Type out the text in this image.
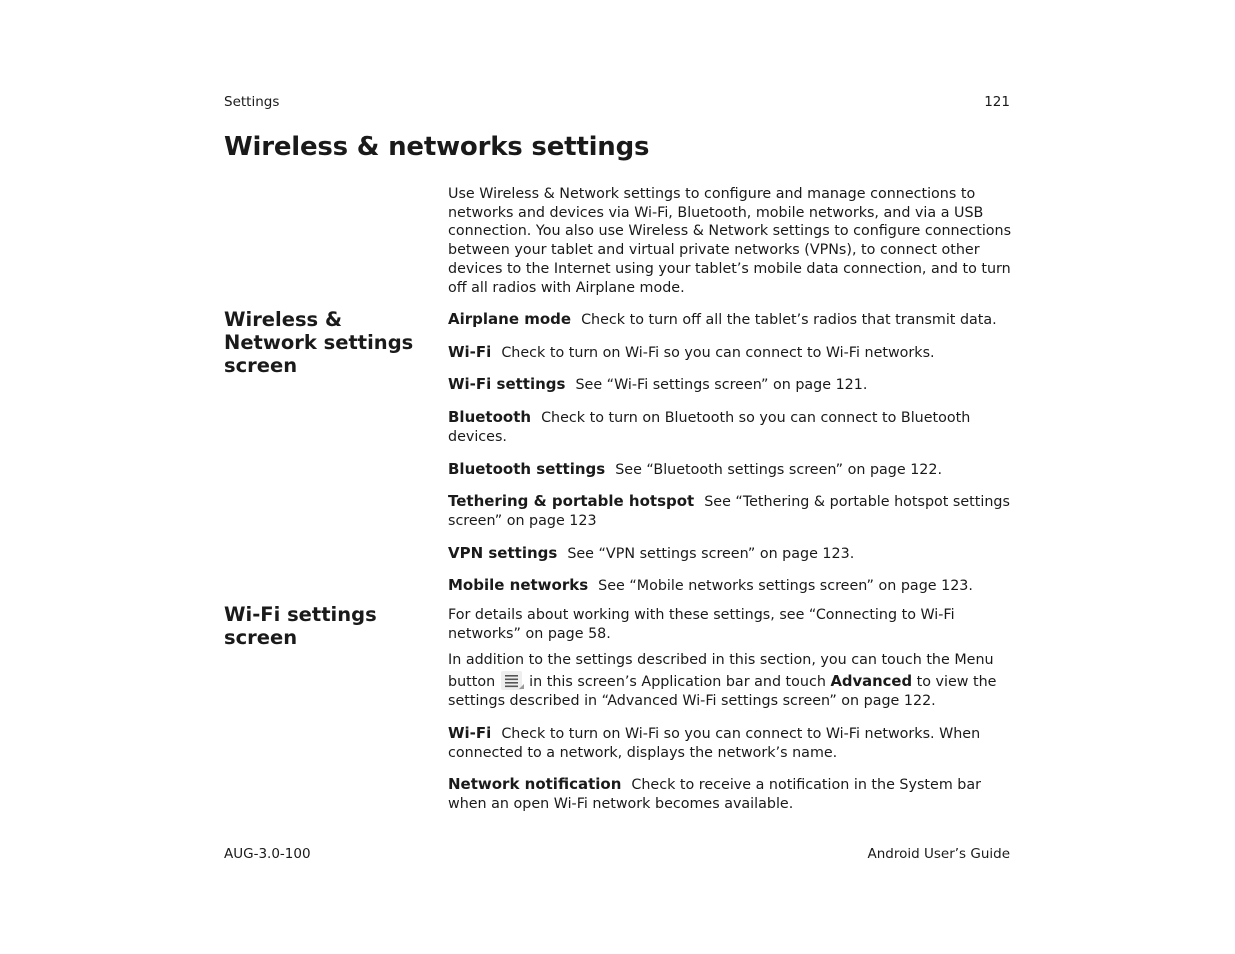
Settings	121
Wireless & networks settings

Use Wireless & Network settings to configure and manage connections to networks and devices via Wi-Fi, Bluetooth, mobile networks, and via a USB connection. You also use Wireless & Network settings to configure connections between your tablet and virtual private networks (VPNs), to connect other devices to the Internet using your tablet’s mobile data connection, and to turn off all radios with Airplane mode.

Wireless & Network settings screen

Airplane mode Check to turn off all the tablet’s radios that transmit data.

Wi-Fi Check to turn on Wi-Fi so you can connect to Wi-Fi networks.

Wi-Fi settings See “Wi-Fi settings screen” on page 121.

Bluetooth Check to turn on Bluetooth so you can connect to Bluetooth devices.

Bluetooth settings See “Bluetooth settings screen” on page 122.

Tethering & portable hotspot See “Tethering & portable hotspot settings screen” on page 123

VPN settings See “VPN settings screen” on page 123.

Mobile networks See “Mobile networks settings screen” on page 123.

Wi-Fi settings screen

For details about working with these settings, see “Connecting to Wi-Fi networks” on page 58.

In addition to the settings described in this section, you can touch the Menu button in this screen’s Application bar and touch Advanced to view the settings described in “Advanced Wi-Fi settings screen” on page 122.

Wi-Fi Check to turn on Wi-Fi so you can connect to Wi-Fi networks. When connected to a network, displays the network’s name.

Network notification Check to receive a notification in the System bar when an open Wi-Fi network becomes available.

AUG-3.0-100	Android User’s Guide
